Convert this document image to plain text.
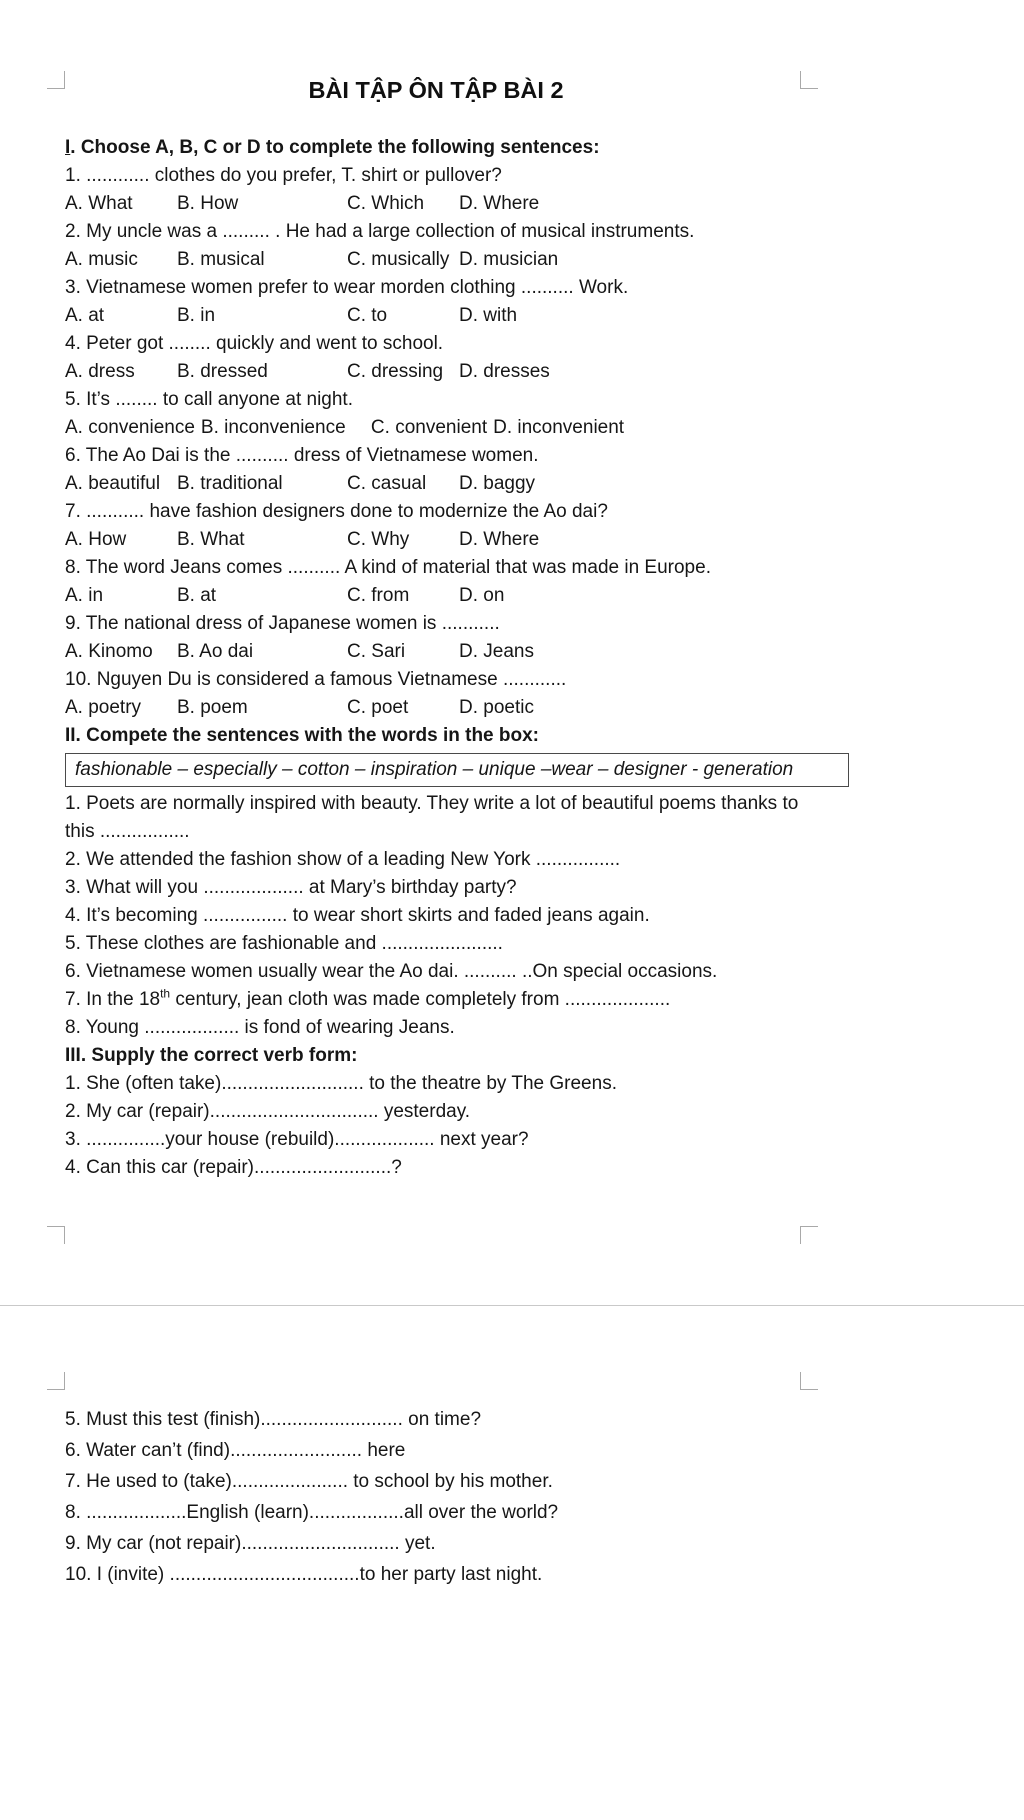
BÀI TẬP ÔN TẬP BÀI 2
I. Choose A, B, C or D to complete the following sentences:
1. ............ clothes do you prefer, T. shirt or pullover?
A. What	B. How	C. Which	D. Where
2. My uncle was a ......... . He had a large collection of musical instruments.
A. music	B. musical	C. musically D. musician
3. Vietnamese women prefer to wear morden clothing .......... Work.
A. at	B. in	C. to	D. with
4. Peter got ........ quickly and went to school.
A. dress	B. dressed	C. dressing D. dresses
5. It’s ........ to call anyone at night.
A. convenience B. inconvenience	C. convenient D. inconvenient
6. The Ao Dai is the .......... dress of Vietnamese women.
A. beautiful B. traditional	C. casual	D. baggy
7. ........... have fashion designers done to modernize the Ao dai?
A. How	B. What	C. Why	D. Where
8. The word Jeans comes .......... A kind of material that was made in Europe.
A. in	B. at	C. from	D. on
9. The national dress of Japanese women is ...........
A. Kinomo	B. Ao dai	C. Sari	D. Jeans
10. Nguyen Du is considered a famous Vietnamese ............
A. poetry	B. poem	C. poet	D. poetic
II. Compete the sentences with the words in the box:
fashionable – especially – cotton – inspiration – unique –wear – designer - generation
1. Poets are normally inspired with beauty. They write a lot of beautiful poems thanks to this .................
2. We attended the fashion show of a leading New York ................
3. What will you ................... at Mary’s birthday party?
4. It’s becoming ................ to wear short skirts and faded jeans again.
5. These clothes are fashionable and .......................
6. Vietnamese women usually wear the Ao dai. .......... ..On special occasions.
7. In the 18th century, jean cloth was made completely from ....................
8. Young .................. is fond of wearing Jeans.
III. Supply the correct verb form:
1. She (often take)........................... to the theatre by The Greens.
2. My car (repair)................................ yesterday.
3. ...............your house (rebuild)................... next year?
4. Can this car (repair)..........................?
5. Must this test (finish)........................... on time?
6. Water can’t (find)......................... here
7. He used to (take)...................... to school by his mother.
8. ...................English (learn)..................all over the world?
9. My car (not repair).............................. yet.
10. I (invite) ....................................to her party last night.
